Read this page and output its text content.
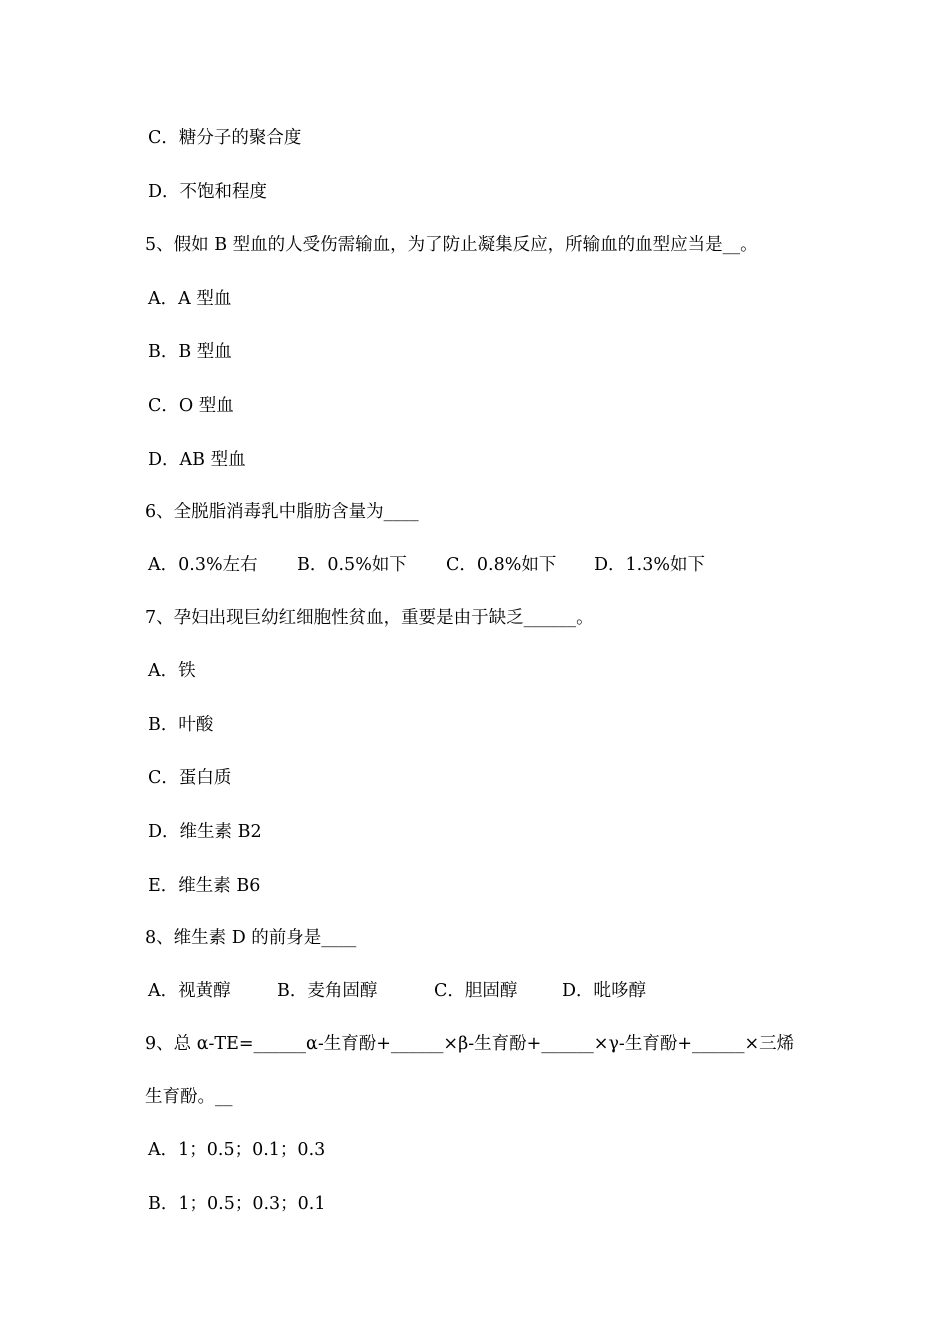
C．糖分子的聚合度
D．不饱和程度
5、假如 B 型血的人受伤需输血，为了防止凝集反应，所输血的血型应当是__。
A．A 型血
B．B 型血
C．O 型血
D．AB 型血
6、全脱脂消毒乳中脂肪含量为____
A．0.3%左右 B．0.5%如下 C．0.8%如下 D．1.3%如下
7、孕妇出现巨幼红细胞性贫血，重要是由于缺乏______。
A．铁
B．叶酸
C．蛋白质
D．维生素 B2
E．维生素 B6
8、维生素 D 的前身是____
A．视黄醇	B．麦角固醇	C．胆固醇	D．吡哆醇
9、总 α-TE=______α-生育酚+______×β-生育酚+______×γ-生育酚+______×三烯
生育酚。__
A．1；0.5；0.1；0.3
B．1；0.5；0.3；0.1
